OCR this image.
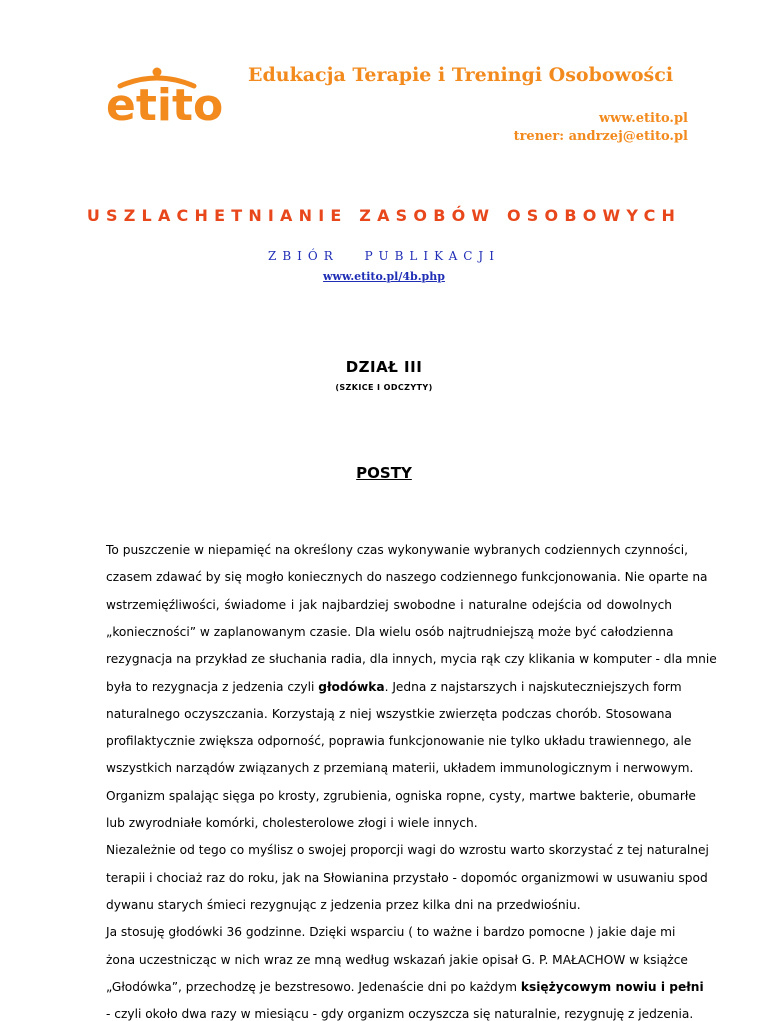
etito
Edukacja Terapie i Treningi Osobowości
www.etito.pl
trener: andrzej@etito.pl
USZLACHETNIANIE ZASOBÓW OSOBOWYCH
ZBIÓR PUBLIKACJI
www.etito.pl/4b.php
DZIAŁ III
(SZKICE I ODCZYTY)
POSTY
To puszczenie w niepamięć na określony czas wykonywanie wybranych codziennych czynności,
czasem zdawać by się mogło koniecznych do naszego codziennego funkcjonowania. Nie oparte na
wstrzemięźliwości, świadome i jak najbardziej swobodne i naturalne odejścia od dowolnych
„konieczności” w zaplanowanym czasie. Dla wielu osób najtrudniejszą może być całodzienna
rezygnacja na przykład ze słuchania radia, dla innych, mycia rąk czy klikania w komputer - dla mnie
była to rezygnacja z jedzenia czyli głodówka. Jedna z najstarszych i najskuteczniejszych form
naturalnego oczyszczania. Korzystają z niej wszystkie zwierzęta podczas chorób. Stosowana
profilaktycznie zwiększa odporność, poprawia funkcjonowanie nie tylko układu trawiennego, ale
wszystkich narządów związanych z przemianą materii, układem immunologicznym i nerwowym.
Organizm spalając sięga po krosty, zgrubienia, ogniska ropne, cysty, martwe bakterie, obumarłe
lub zwyrodniałe komórki, cholesterolowe złogi i wiele innych.
Niezależnie od tego co myślisz o swojej proporcji wagi do wzrostu warto skorzystać z tej naturalnej
terapii i chociaż raz do roku, jak na Słowianina przystało - dopomóc organizmowi w usuwaniu spod
dywanu starych śmieci rezygnując z jedzenia przez kilka dni na przedwiośniu.
Ja stosuję głodówki 36 godzinne. Dzięki wsparciu ( to ważne i bardzo pomocne ) jakie daje mi
żona uczestnicząc w nich wraz ze mną według wskazań jakie opisał G. P. MAŁACHOW w książce
„Głodówka”, przechodzę je bezstresowo. Jedenaście dni po każdym księżycowym nowiu i pełni
- czyli około dwa razy w miesiącu - gdy organizm oczyszcza się naturalnie, rezygnuję z jedzenia.
